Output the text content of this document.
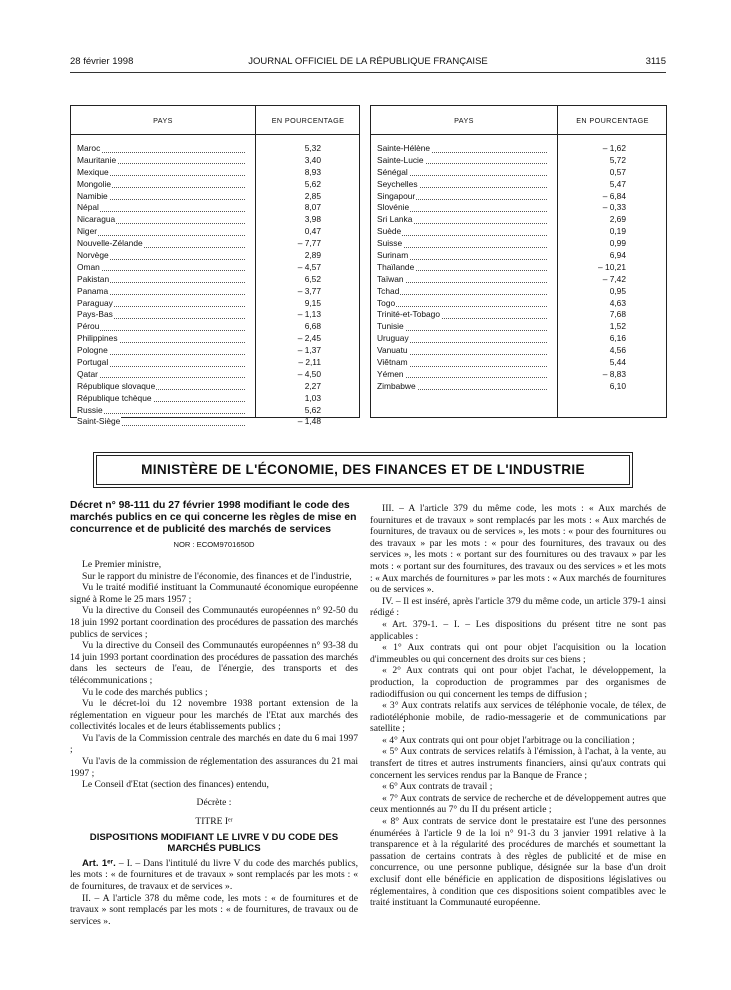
28 février 1998	JOURNAL OFFICIEL DE LA RÉPUBLIQUE FRANÇAISE	3115
PAYS	EN POURCENTAGE
Maroc	5,32
Mauritanie	3,40
Mexique	8,93
Mongolie	5,62
Namibie	2,85
Népal	8,07
Nicaragua	3,98
Niger	0,47
Nouvelle-Zélande	– 7,77
Norvège	2,89
Oman	– 4,57
Pakistan	6,52
Panama	– 3,77
Paraguay	9,15
Pays-Bas	– 1,13
Pérou	6,68
Philippines	– 2,45
Pologne	– 1,37
Portugal	– 2,11
Qatar	– 4,50
République slovaque	2,27
République tchèque	1,03
Russie	5,62
Saint-Siège	– 1,48
PAYS	EN POURCENTAGE
Sainte-Hélène	– 1,62
Sainte-Lucie	5,72
Sénégal	0,57
Seychelles	5,47
Singapour	– 6,84
Slovénie	– 0,33
Sri Lanka	2,69
Suède	0,19
Suisse	0,99
Surinam	6,94
Thaïlande	– 10,21
Taïwan	– 7,42
Tchad	0,95
Togo	4,63
Trinité-et-Tobago	7,68
Tunisie	1,52
Uruguay	6,16
Vanuatu	4,56
Viêtnam	5,44
Yémen	– 8,83
Zimbabwe	6,10
MINISTÈRE DE L'ÉCONOMIE, DES FINANCES ET DE L'INDUSTRIE
Décret n° 98-111 du 27 février 1998 modifiant le code des marchés publics en ce qui concerne les règles de mise en concurrence et de publicité des marchés de services
NOR : ECOM9701650D

Le Premier ministre,

Sur le rapport du ministre de l'économie, des finances et de l'industrie,

Vu le traité modifié instituant la Communauté économique européenne signé à Rome le 25 mars 1957 ;

Vu la directive du Conseil des Communautés européennes n° 92-50 du 18 juin 1992 portant coordination des procédures de passation des marchés publics de services ;

Vu la directive du Conseil des Communautés européennes n° 93-38 du 14 juin 1993 portant coordination des procédures de passation des marchés dans les secteurs de l'eau, de l'énergie, des transports et des télécommunications ;

Vu le code des marchés publics ;

Vu le décret-loi du 12 novembre 1938 portant extension de la réglementation en vigueur pour les marchés de l'Etat aux marchés des collectivités locales et de leurs établissements publics ;

Vu l'avis de la Commission centrale des marchés en date du 6 mai 1997 ;

Vu l'avis de la commission de réglementation des assurances du 21 mai 1997 ;

Le Conseil d'Etat (section des finances) entendu,

Décrète :
TITRE Iᵉʳ
DISPOSITIONS MODIFIANT LE LIVRE V DU CODE DES MARCHÉS PUBLICS

Art. 1ᵉʳ. – I. – Dans l'intitulé du livre V du code des marchés publics, les mots : « de fournitures et de travaux » sont remplacés par les mots : « de fournitures, de travaux et de services ».

II. – A l'article 378 du même code, les mots : « de fournitures et de travaux » sont remplacés par les mots : « de fournitures, de travaux ou de services ».

III. – A l'article 379 du même code, les mots : « Aux marchés de fournitures et de travaux » sont remplacés par les mots : « Aux marchés de fournitures, de travaux ou de services », les mots : « pour des fournitures ou des travaux » par les mots : « pour des fournitures, des travaux ou des services », les mots : « portant sur des fournitures ou des travaux » par les mots : « portant sur des fournitures, des travaux ou des services » et les mots : « Aux marchés de fournitures » par les mots : « Aux marchés de fournitures ou de services ».

IV. – Il est inséré, après l'article 379 du même code, un article 379-1 ainsi rédigé :

« Art. 379-1. – I. – Les dispositions du présent titre ne sont pas applicables :

« 1° Aux contrats qui ont pour objet l'acquisition ou la location d'immeubles ou qui concernent des droits sur ces biens ;

« 2° Aux contrats qui ont pour objet l'achat, le développement, la production, la coproduction de programmes par des organismes de radiodiffusion ou qui concernent les temps de diffusion ;

« 3° Aux contrats relatifs aux services de téléphonie vocale, de télex, de radiotéléphonie mobile, de radio-messagerie et de communications par satellite ;

« 4° Aux contrats qui ont pour objet l'arbitrage ou la conciliation ;

« 5° Aux contrats de services relatifs à l'émission, à l'achat, à la vente, au transfert de titres et autres instruments financiers, ainsi qu'aux contrats qui concernent les services rendus par la Banque de France ;

« 6° Aux contrats de travail ;

« 7° Aux contrats de service de recherche et de développement autres que ceux mentionnés au 7° du II du présent article ;

« 8° Aux contrats de service dont le prestataire est l'une des personnes énumérées à l'article 9 de la loi n° 91-3 du 3 janvier 1991 relative à la transparence et à la régularité des procédures de marchés et soumettant la passation de certains contrats à des règles de publicité et de mise en concurrence, ou une personne publique, désignée sur la base d'un droit exclusif dont elle bénéficie en application de dispositions législatives ou réglementaires, à condition que ces dispositions soient compatibles avec le traité instituant la Communauté européenne.
